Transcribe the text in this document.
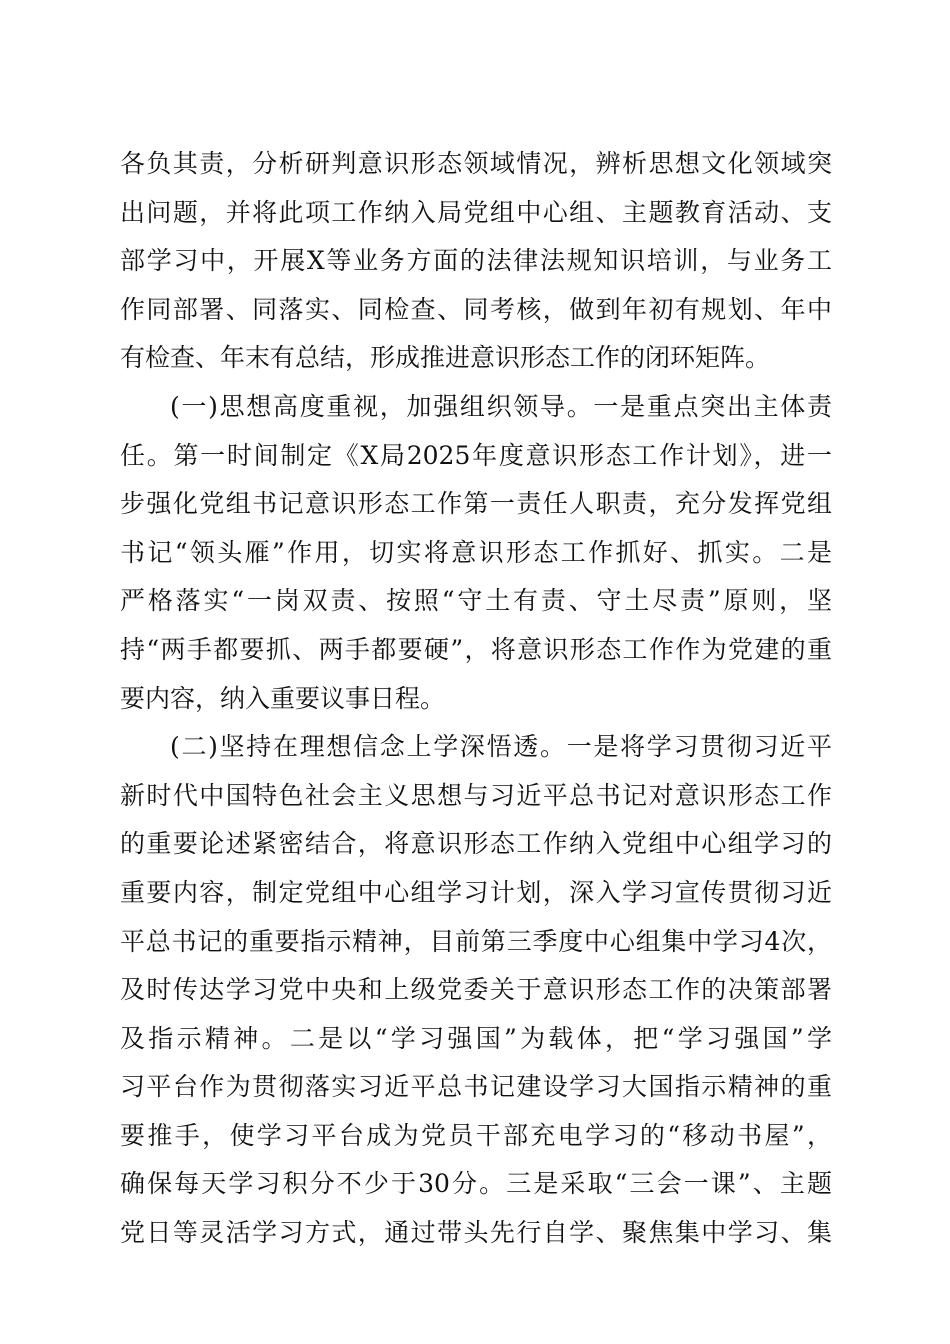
各负其责，分析研判意识形态领域情况，辨析思想文化领域突
出问题，并将此项工作纳入局党组中心组、主题教育活动、支
部学习中，开展X等业务方面的法律法规知识培训，与业务工
作同部署、同落实、同检查、同考核，做到年初有规划、年中
有检查、年末有总结，形成推进意识形态工作的闭环矩阵。
(一)思想高度重视，加强组织领导。一是重点突出主体责
任。第一时间制定《X局2025年度意识形态工作计划》，进一
步强化党组书记意识形态工作第一责任人职责，充分发挥党组
书记“领头雁”作用，切实将意识形态工作抓好、抓实。二是
严格落实“一岗双责、按照“守土有责、守土尽责”原则，坚
持“两手都要抓、两手都要硬”，将意识形态工作作为党建的重
要内容，纳入重要议事日程。
(二)坚持在理想信念上学深悟透。一是将学习贯彻习近平
新时代中国特色社会主义思想与习近平总书记对意识形态工作
的重要论述紧密结合，将意识形态工作纳入党组中心组学习的
重要内容，制定党组中心组学习计划，深入学习宣传贯彻习近
平总书记的重要指示精神，目前第三季度中心组集中学习4次，
及时传达学习党中央和上级党委关于意识形态工作的决策部署
及指示精神。二是以“学习强国”为载体，把“学习强国”学
习平台作为贯彻落实习近平总书记建设学习大国指示精神的重
要推手，使学习平台成为党员干部充电学习的“移动书屋”，
确保每天学习积分不少于30分。三是采取“三会一课”、主题
党日等灵活学习方式，通过带头先行自学、聚焦集中学习、集
